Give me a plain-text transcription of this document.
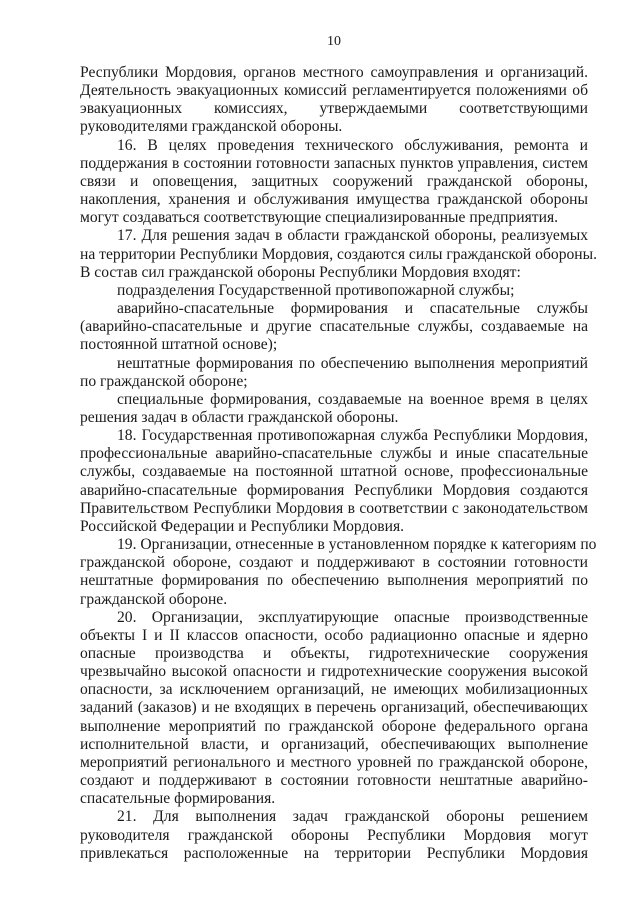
10
Республики Мордовия, органов местного самоуправления и организаций.
Деятельность эвакуационных комиссий регламентируется положениями об
эвакуационных комиссиях, утверждаемыми соответствующими
руководителями гражданской обороны.
16. В целях проведения технического обслуживания, ремонта и
поддержания в состоянии готовности запасных пунктов управления, систем
связи и оповещения, защитных сооружений гражданской обороны,
накопления, хранения и обслуживания имущества гражданской обороны
могут создаваться соответствующие специализированные предприятия.
17. Для решения задач в области гражданской обороны, реализуемых
на территории Республики Мордовия, создаются силы гражданской обороны.
В состав сил гражданской обороны Республики Мордовия входят:
подразделения Государственной противопожарной службы;
аварийно-спасательные формирования и спасательные службы
(аварийно-спасательные и другие спасательные службы, создаваемые на
постоянной штатной основе);
нештатные формирования по обеспечению выполнения мероприятий
по гражданской обороне;
специальные формирования, создаваемые на военное время в целях
решения задач в области гражданской обороны.
18. Государственная противопожарная служба Республики Мордовия,
профессиональные аварийно-спасательные службы и иные спасательные
службы, создаваемые на постоянной штатной основе, профессиональные
аварийно-спасательные формирования Республики Мордовия создаются
Правительством Республики Мордовия в соответствии с законодательством
Российской Федерации и Республики Мордовия.
19. Организации, отнесенные в установленном порядке к категориям по
гражданской обороне, создают и поддерживают в состоянии готовности
нештатные формирования по обеспечению выполнения мероприятий по
гражданской обороне.
20. Организации, эксплуатирующие опасные производственные
объекты I и II классов опасности, особо радиационно опасные и ядерно
опасные производства и объекты, гидротехнические сооружения
чрезвычайно высокой опасности и гидротехнические сооружения высокой
опасности, за исключением организаций, не имеющих мобилизационных
заданий (заказов) и не входящих в перечень организаций, обеспечивающих
выполнение мероприятий по гражданской обороне федерального органа
исполнительной власти, и организаций, обеспечивающих выполнение
мероприятий регионального и местного уровней по гражданской обороне,
создают и поддерживают в состоянии готовности нештатные аварийно-
спасательные формирования.
21. Для выполнения задач гражданской обороны решением
руководителя гражданской обороны Республики Мордовия могут
привлекаться расположенные на территории Республики Мордовия
